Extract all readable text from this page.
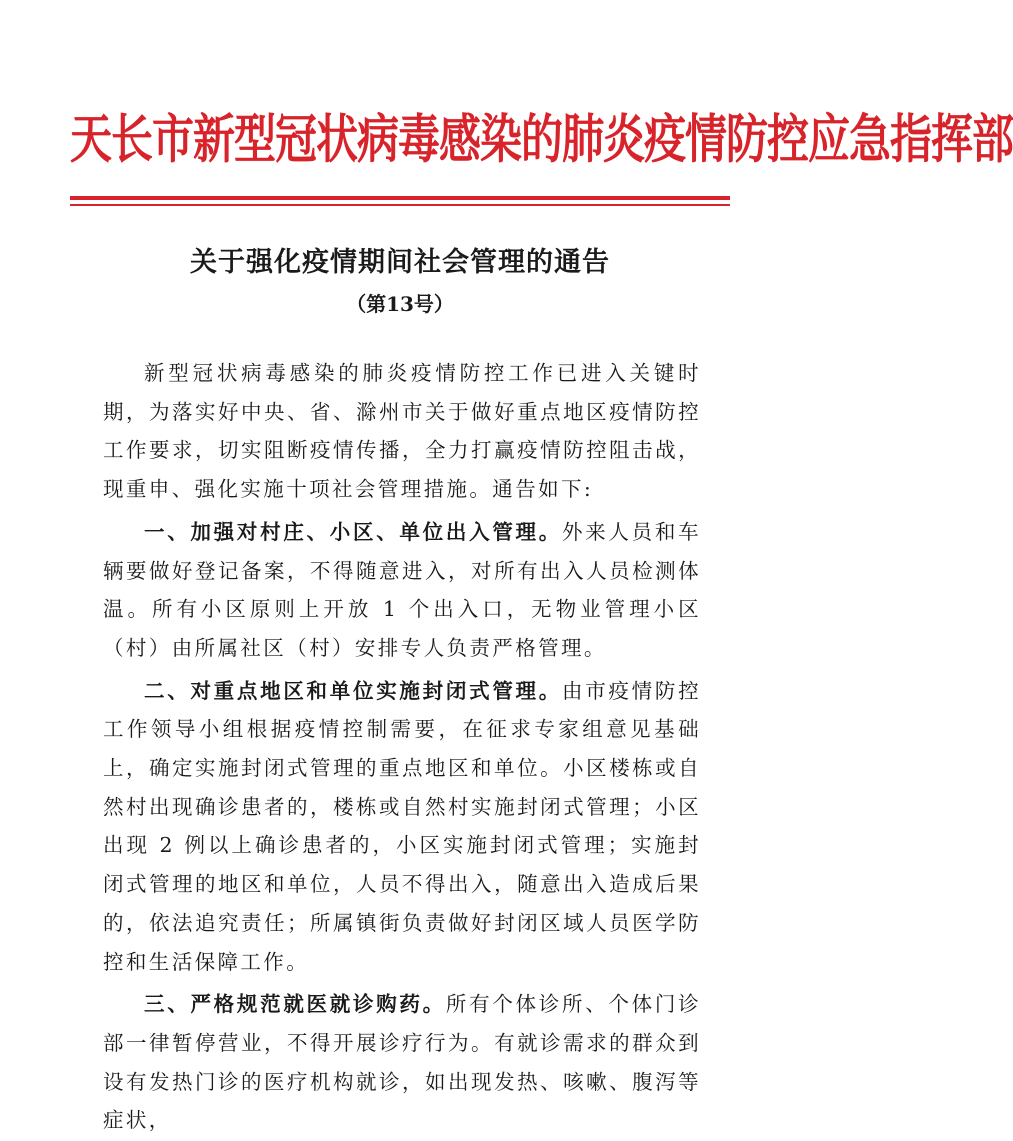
天长市新型冠状病毒感染的肺炎疫情防控应急指挥部
关于强化疫情期间社会管理的通告
（第13号）

新型冠状病毒感染的肺炎疫情防控工作已进入关键时期，为落实好中央、省、滁州市关于做好重点地区疫情防控工作要求，切实阻断疫情传播，全力打赢疫情防控阻击战，现重申、强化实施十项社会管理措施。通告如下:

一、加强对村庄、小区、单位出入管理。外来人员和车辆要做好登记备案，不得随意进入，对所有出入人员检测体温。所有小区原则上开放 1 个出入口，无物业管理小区（村）由所属社区（村）安排专人负责严格管理。

二、对重点地区和单位实施封闭式管理。由市疫情防控工作领导小组根据疫情控制需要，在征求专家组意见基础上，确定实施封闭式管理的重点地区和单位。小区楼栋或自然村出现确诊患者的，楼栋或自然村实施封闭式管理；小区出现 2 例以上确诊患者的，小区实施封闭式管理；实施封闭式管理的地区和单位，人员不得出入，随意出入造成后果的，依法追究责任；所属镇街负责做好封闭区域人员医学防控和生活保障工作。

三、严格规范就医就诊购药。所有个体诊所、个体门诊部一律暂停营业，不得开展诊疗行为。有就诊需求的群众到设有发热门诊的医疗机构就诊，如出现发热、咳嗽、腹泻等症状，
